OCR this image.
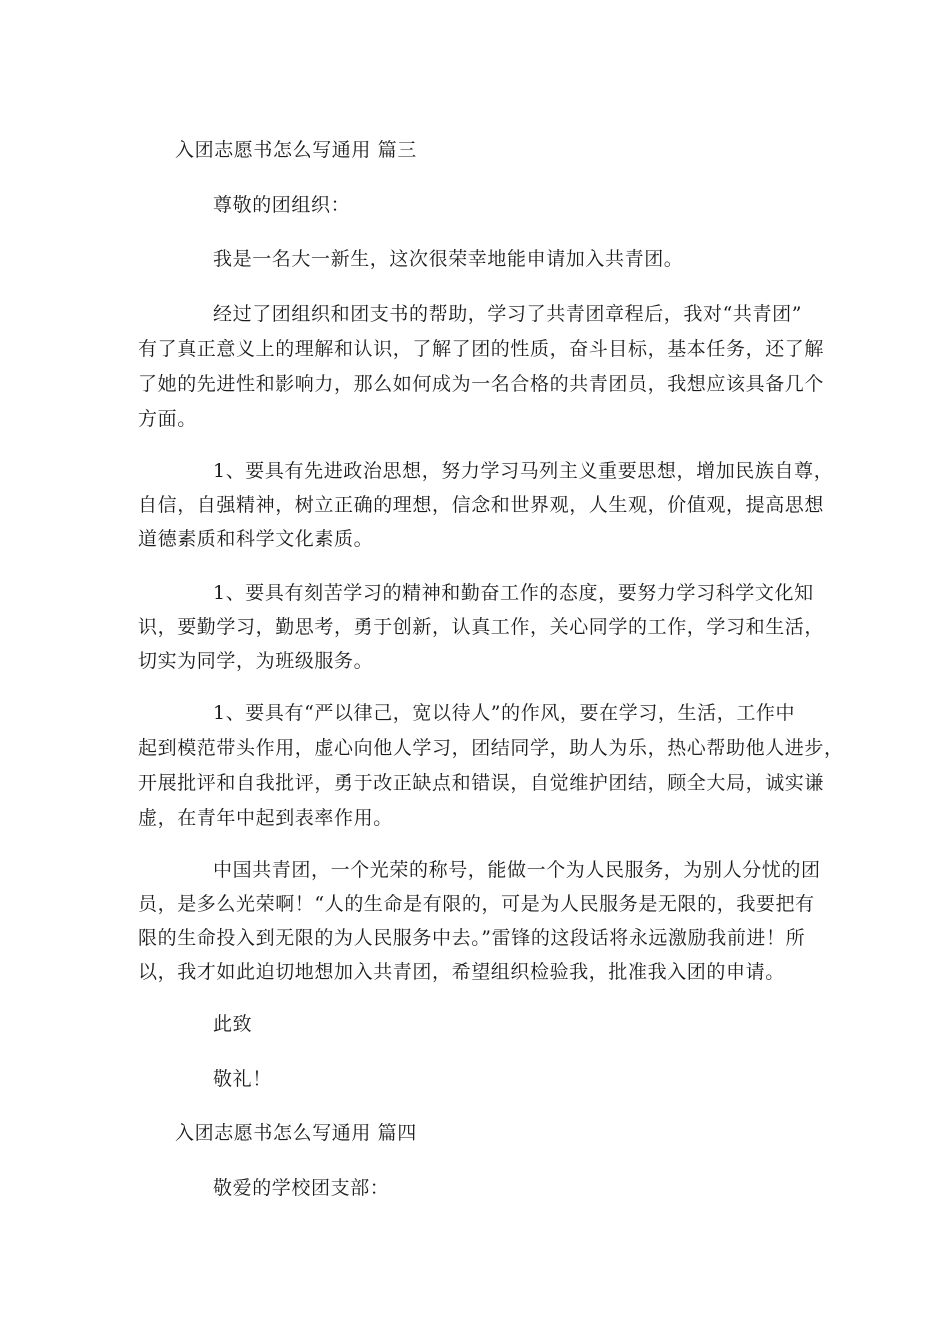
入团志愿书怎么写通用 篇三
尊敬的团组织：
我是一名大一新生，这次很荣幸地能申请加入共青团。
经过了团组织和团支书的帮助，学习了共青团章程后，我对“共青团”
有了真正意义上的理解和认识，了解了团的性质，奋斗目标，基本任务，还了解
了她的先进性和影响力，那么如何成为一名合格的共青团员，我想应该具备几个
方面。
1、要具有先进政治思想，努力学习马列主义重要思想，增加民族自尊，
自信，自强精神，树立正确的理想，信念和世界观，人生观，价值观，提高思想
道德素质和科学文化素质。
1、要具有刻苦学习的精神和勤奋工作的态度，要努力学习科学文化知
识，要勤学习，勤思考，勇于创新，认真工作，关心同学的工作，学习和生活，
切实为同学，为班级服务。
1、要具有“严以律己，宽以待人”的作风，要在学习，生活，工作中
起到模范带头作用，虚心向他人学习，团结同学，助人为乐，热心帮助他人进步，
开展批评和自我批评，勇于改正缺点和错误，自觉维护团结，顾全大局，诚实谦
虚，在青年中起到表率作用。
中国共青团，一个光荣的称号，能做一个为人民服务，为别人分忧的团
员，是多么光荣啊！“人的生命是有限的，可是为人民服务是无限的，我要把有
限的生命投入到无限的为人民服务中去。”雷锋的这段话将永远激励我前进！所
以，我才如此迫切地想加入共青团，希望组织检验我，批准我入团的申请。
此致
敬礼！
入团志愿书怎么写通用 篇四
敬爱的学校团支部：
